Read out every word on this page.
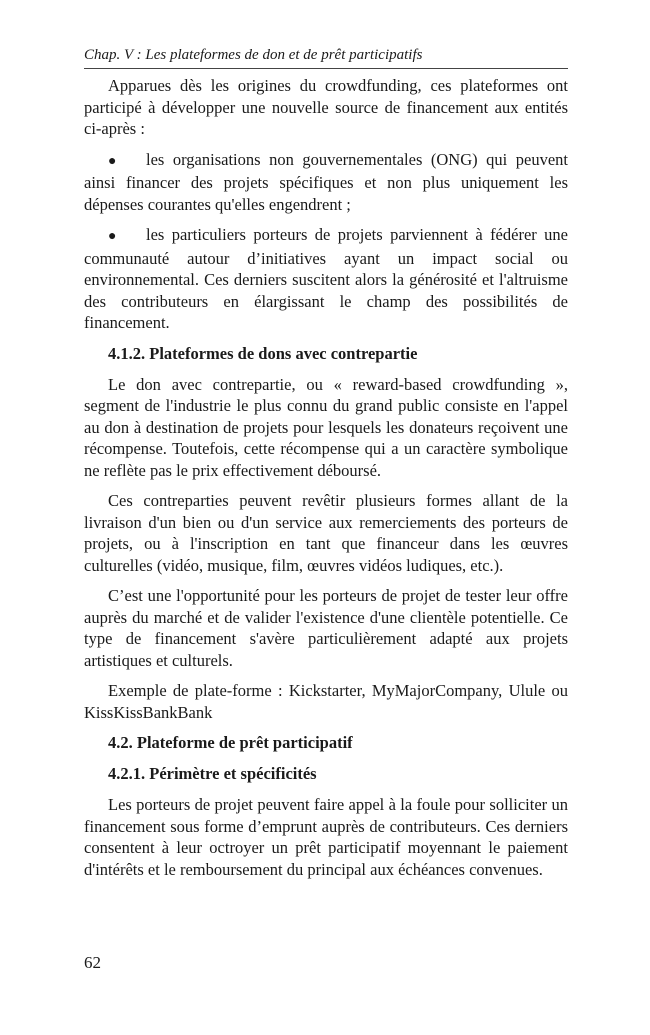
Chap. V : Les plateformes de don et de prêt participatifs

Apparues dès les origines du crowdfunding, ces plateformes ont participé à développer une nouvelle source de financement aux entités ci-après :

● les organisations non gouvernementales (ONG) qui peuvent ainsi financer des projets spécifiques et non plus uniquement les dépenses courantes qu'elles engendrent ;

● les particuliers porteurs de projets parviennent à fédérer une communauté autour d’initiatives ayant un impact social ou environnemental. Ces derniers suscitent alors la générosité et l'altruisme des contributeurs en élargissant le champ des possibilités de financement.

4.1.2. Plateformes de dons avec contrepartie

Le don avec contrepartie, ou « reward-based crowdfunding », segment de l'industrie le plus connu du grand public consiste en l'appel au don à destination de projets pour lesquels les donateurs reçoivent une récompense. Toutefois, cette récompense qui a un caractère symbolique ne reflète pas le prix effectivement déboursé.

Ces contreparties peuvent revêtir plusieurs formes allant de la livraison d'un bien ou d'un service aux remerciements des porteurs de projets, ou à l'inscription en tant que financeur dans les œuvres culturelles (vidéo, musique, film, œuvres vidéos ludiques, etc.).

C’est une l'opportunité pour les porteurs de projet de tester leur offre auprès du marché et de valider l'existence d'une clientèle potentielle. Ce type de financement s'avère particulièrement adapté aux projets artistiques et culturels.

Exemple de plate-forme : Kickstarter, MyMajorCompany, Ulule ou KissKissBankBank

4.2. Plateforme de prêt participatif
4.2.1. Périmètre et spécificités

Les porteurs de projet peuvent faire appel à la foule pour solliciter un financement sous forme d’emprunt auprès de contributeurs. Ces derniers consentent à leur octroyer un prêt participatif moyennant le paiement d'intérêts et le remboursement du principal aux échéances convenues.

62
